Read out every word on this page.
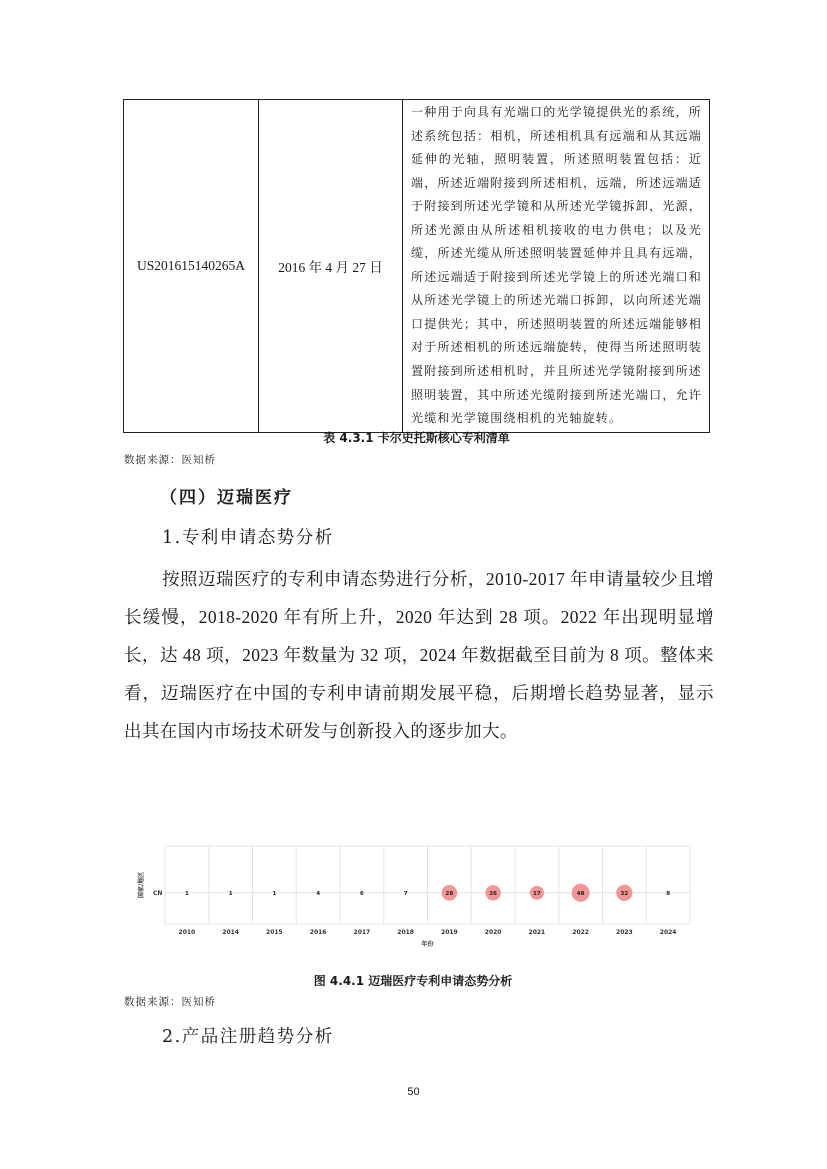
US201615140265A	2016 年 4 月 27 日	一种用于向具有光端口的光学镜提供光的系统，所述系统包括：相机，所述相机具有远端和从其远端延伸的光轴，照明装置，所述照明装置包括：近端，所述近端附接到所述相机，远端，所述远端适于附接到所述光学镜和从所述光学镜拆卸，光源，所述光源由从所述相机接收的电力供电；以及光缆，所述光缆从所述照明装置延伸并且具有远端，所述远端适于附接到所述光学镜上的所述光端口和从所述光学镜上的所述光端口拆卸，以向所述光端口提供光；其中，所述照明装置的所述远端能够相对于所述相机的所述远端旋转，使得当所述照明装置附接到所述相机时，并且所述光学镜附接到所述照明装置，其中所述光缆附接到所述光端口，允许光缆和光学镜围绕相机的光轴旋转。
表 4.3.1 卡尔史托斯核心专利清单
数据来源：医知桥
（四）迈瑞医疗
1.专利申请态势分析

按照迈瑞医疗的专利申请态势进行分析，2010-2017 年申请量较少且增长缓慢，2018-2020 年有所上升，2020 年达到 28 项。2022 年出现明显增长，达 48 项，2023 年数量为 32 项，2024 年数据截至目前为 8 项。整体来看，迈瑞医疗在中国的专利申请前期发展平稳，后期增长趋势显著，显示出其在国内市场技术研发与创新投入的逐步加大。

1	1	1	4	6	7	28	26	17	48	32	8
2010	2014	2015	2016	2017	2018	2019	2020	2021	2022	2023	2024
CN
年份
国家/地区
图 4.4.1 迈瑞医疗专利申请态势分析
数据来源：医知桥
2.产品注册趋势分析
50
